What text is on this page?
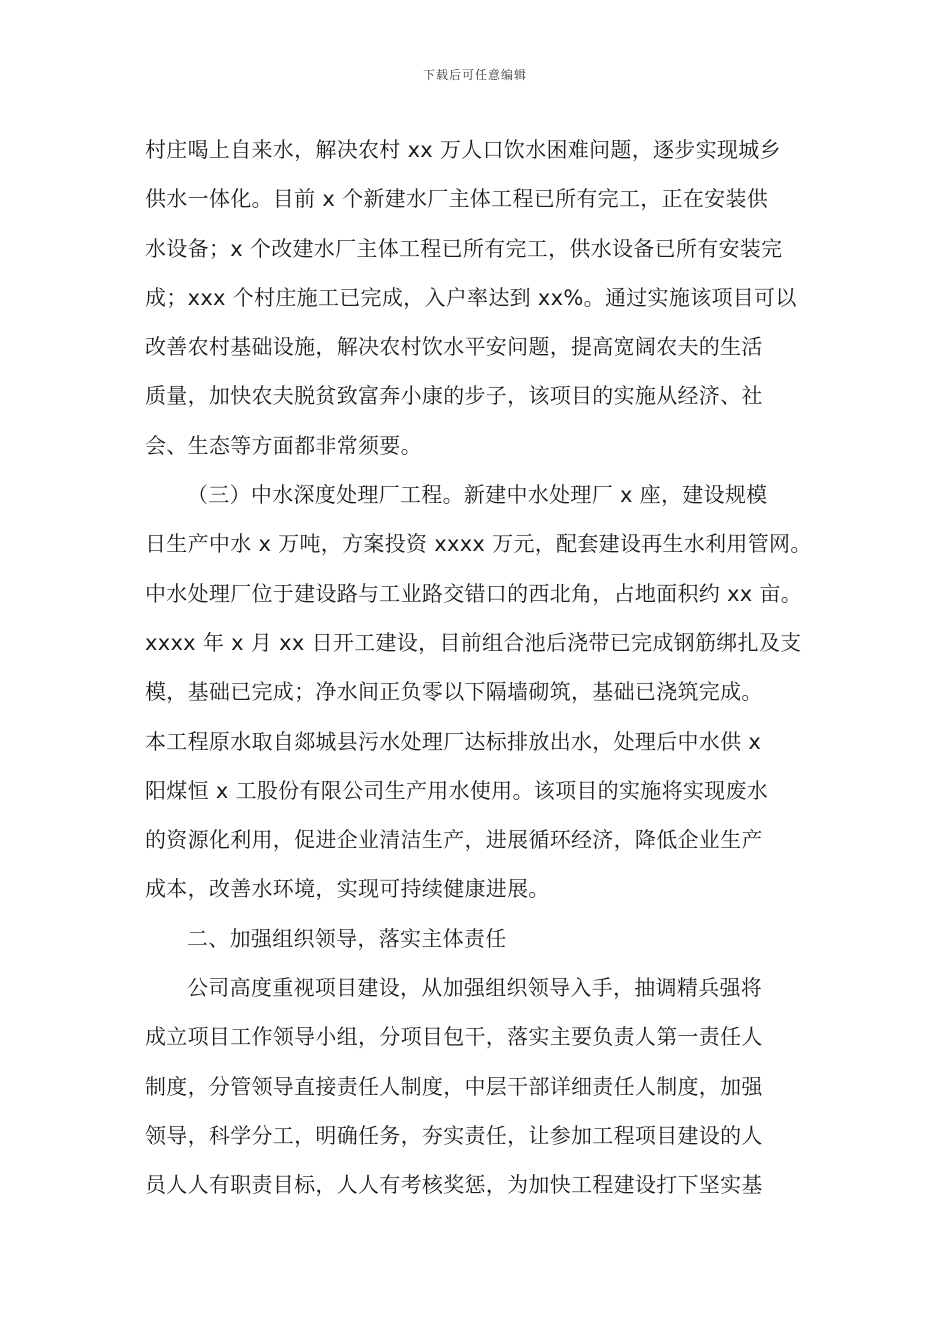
下载后可任意编辑
村庄喝上自来水，解决农村 xx 万人口饮水困难问题，逐步实现城乡
供水一体化。目前 x 个新建水厂主体工程已所有完工，正在安装供
水设备；x 个改建水厂主体工程已所有完工，供水设备已所有安装完
成；xxx 个村庄施工已完成，入户率达到 xx%。通过实施该项目可以
改善农村基础设施，解决农村饮水平安问题，提高宽阔农夫的生活
质量，加快农夫脱贫致富奔小康的步子，该项目的实施从经济、社
会、生态等方面都非常须要。
（三）中水深度处理厂工程。新建中水处理厂 x 座，建设规模
日生产中水 x 万吨，方案投资 xxxx 万元，配套建设再生水利用管网。
中水处理厂位于建设路与工业路交错口的西北角，占地面积约 xx 亩。
xxxx 年 x 月 xx 日开工建设，目前组合池后浇带已完成钢筋绑扎及支
模，基础已完成；净水间正负零以下隔墙砌筑，基础已浇筑完成。
本工程原水取自郯城县污水处理厂达标排放出水，处理后中水供 x
阳煤恒 x 工股份有限公司生产用水使用。该项目的实施将实现废水
的资源化利用，促进企业清洁生产，进展循环经济，降低企业生产
成本，改善水环境，实现可持续健康进展。
二、加强组织领导，落实主体责任
公司高度重视项目建设，从加强组织领导入手，抽调精兵强将
成立项目工作领导小组，分项目包干，落实主要负责人第一责任人
制度，分管领导直接责任人制度，中层干部详细责任人制度，加强
领导，科学分工，明确任务，夯实责任，让参加工程项目建设的人
员人人有职责目标，人人有考核奖惩，为加快工程建设打下坚实基
